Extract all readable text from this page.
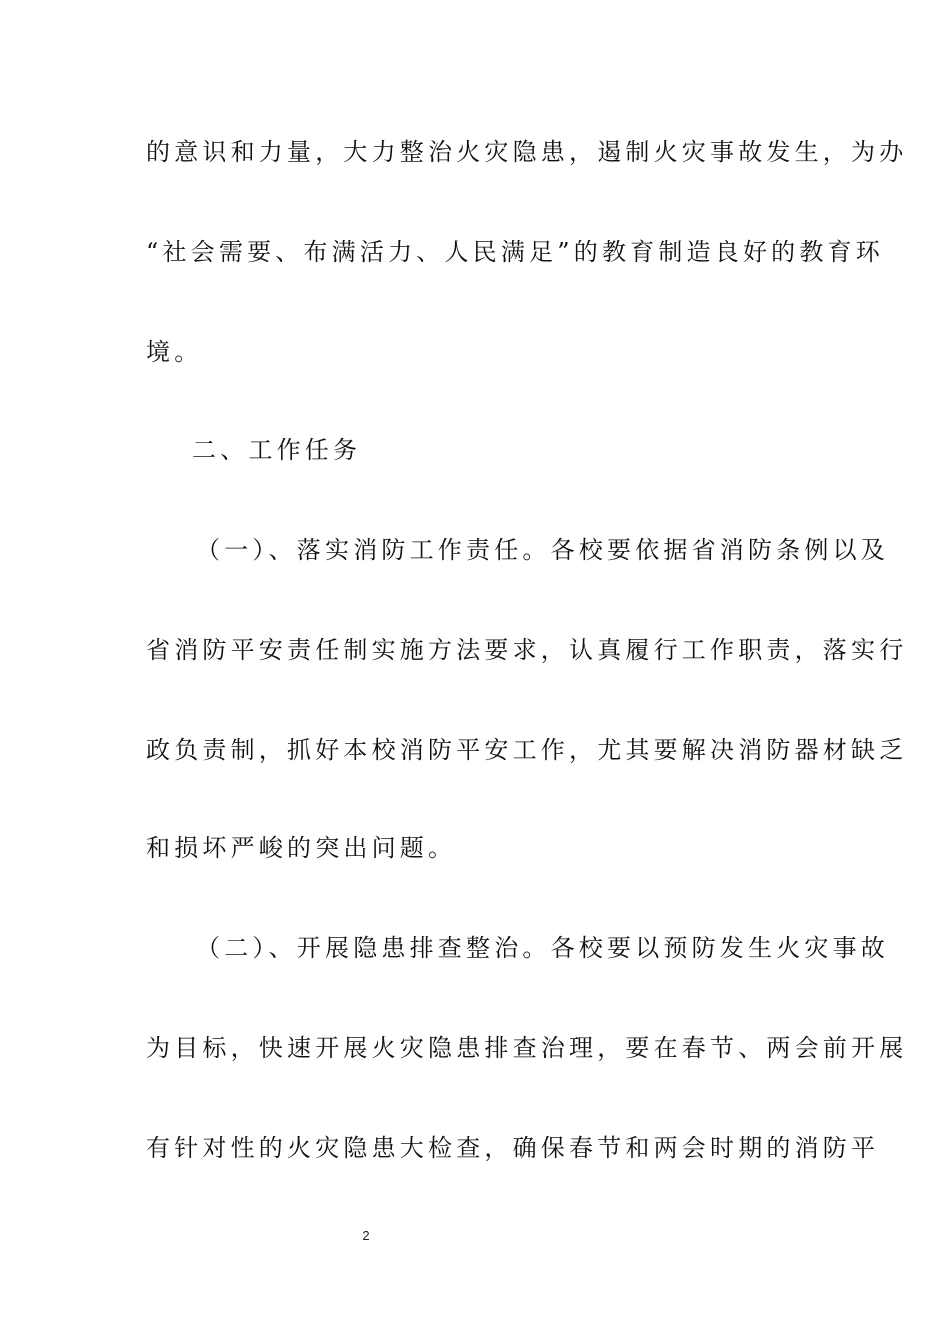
的意识和力量，大力整治火灾隐患，遏制火灾事故发生，为办

“社会需要、布满活力、人民满足”的教育制造良好的教育环

境。

二、工作任务

（一）、落实消防工作责任。各校要依据省消防条例以及

省消防平安责任制实施方法要求，认真履行工作职责，落实行

政负责制，抓好本校消防平安工作，尤其要解决消防器材缺乏

和损坏严峻的突出问题。

（二）、开展隐患排查整治。各校要以预防发生火灾事故

为目标，快速开展火灾隐患排查治理，要在春节、两会前开展

有针对性的火灾隐患大检查，确保春节和两会时期的消防平

2
